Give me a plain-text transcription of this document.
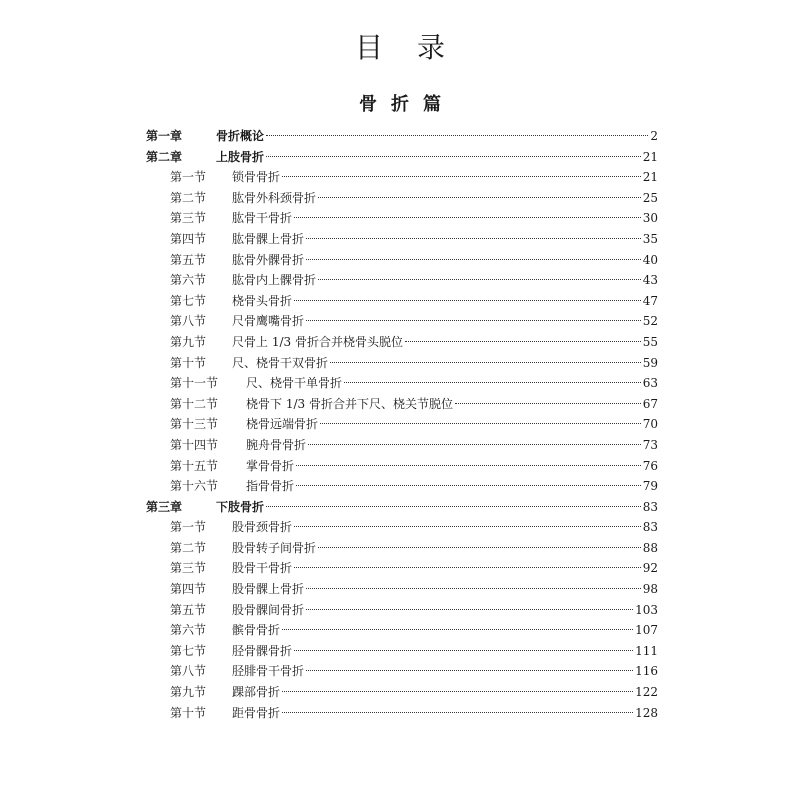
目录
骨折篇
第一章	骨折概论	2
第二章	上肢骨折	21
第一节	锁骨骨折	21
第二节	肱骨外科颈骨折	25
第三节	肱骨干骨折	30
第四节	肱骨髁上骨折	35
第五节	肱骨外髁骨折	40
第六节	肱骨内上髁骨折	43
第七节	桡骨头骨折	47
第八节	尺骨鹰嘴骨折	52
第九节	尺骨上 1/3 骨折合并桡骨头脱位	55
第十节	尺、桡骨干双骨折	59
第十一节	尺、桡骨干单骨折	63
第十二节	桡骨下 1/3 骨折合并下尺、桡关节脱位	67
第十三节	桡骨远端骨折	70
第十四节	腕舟骨骨折	73
第十五节	掌骨骨折	76
第十六节	指骨骨折	79
第三章	下肢骨折	83
第一节	股骨颈骨折	83
第二节	股骨转子间骨折	88
第三节	股骨干骨折	92
第四节	股骨髁上骨折	98
第五节	股骨髁间骨折	103
第六节	髌骨骨折	107
第七节	胫骨髁骨折	111
第八节	胫腓骨干骨折	116
第九节	踝部骨折	122
第十节	距骨骨折	128
